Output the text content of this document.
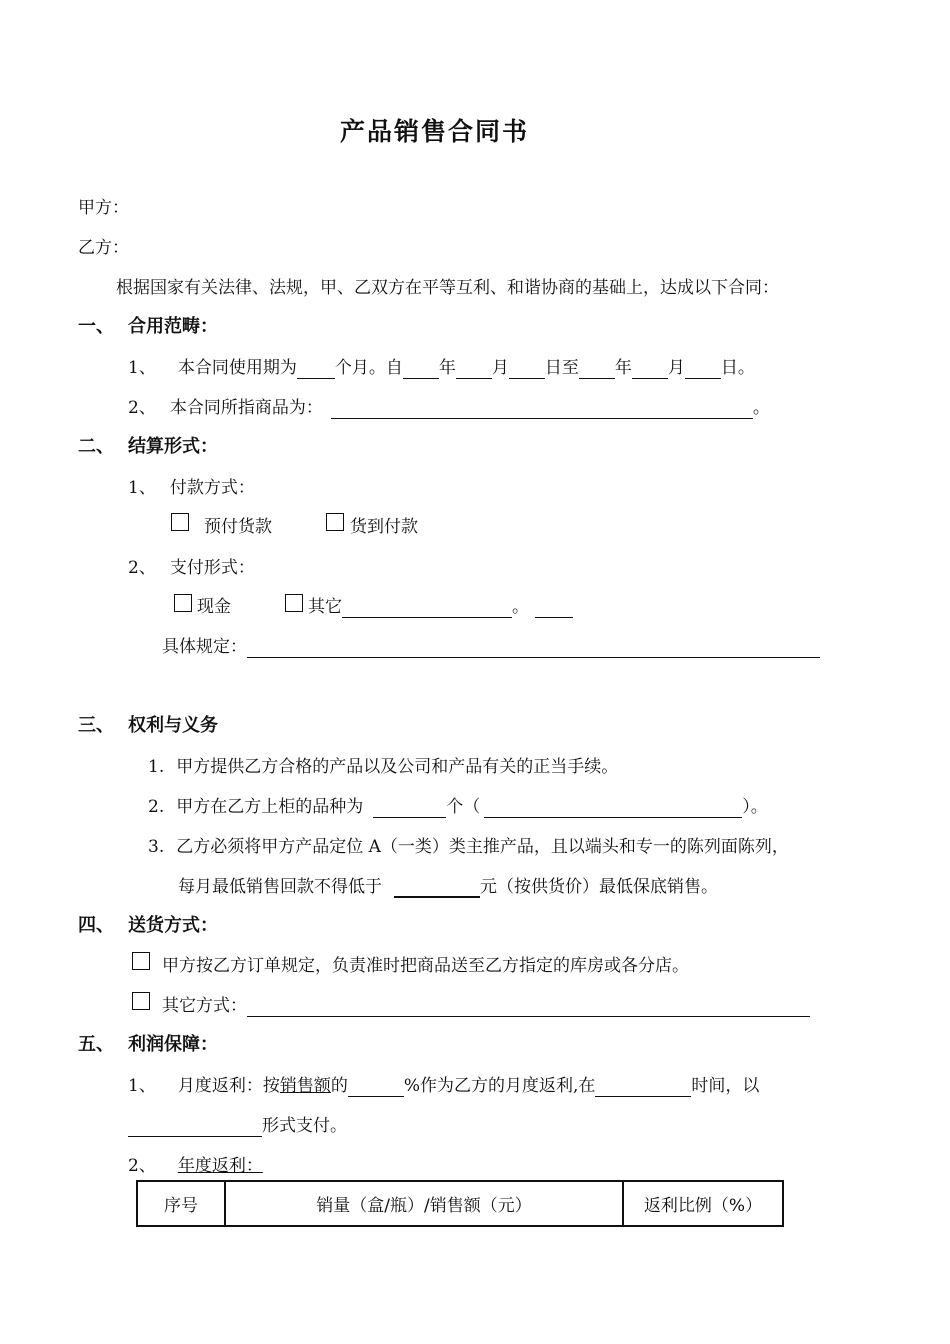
产品销售合同书
甲方：
乙方：
根据国家有关法律、法规，甲、乙双方在平等互利、和谐协商的基础上，达成以下合同：
一、 合用范畴：
1、 本合同使用期为 个月。自 年 月 日至 年 月 日。
2、 本合同所指商品为：	。
二、 结算形式：
1、 付款方式：
预付货款	货到付款
2、 支付形式：
现金	其它	。
具体规定：
三、 权利与义务
1. 甲方提供乙方合格的产品以及公司和产品有关的正当手续。
2. 甲方在乙方上柜的品种为	个（	）。
3. 乙方必须将甲方产品定位 A（一类）类主推产品，且以端头和专一的陈列面陈列，
每月最低销售回款不得低于	元（按供货价）最低保底销售。
四、 送货方式：
甲方按乙方订单规定，负责准时把商品送至乙方指定的库房或各分店。
其它方式：
五、 利润保障：
1、 月度返利：按销售额的	%作为乙方的月度返利,在	时间，以
形式支付。
2、 年度返利：
序号	销量（盒/瓶）/销售额（元）	返利比例（%）
